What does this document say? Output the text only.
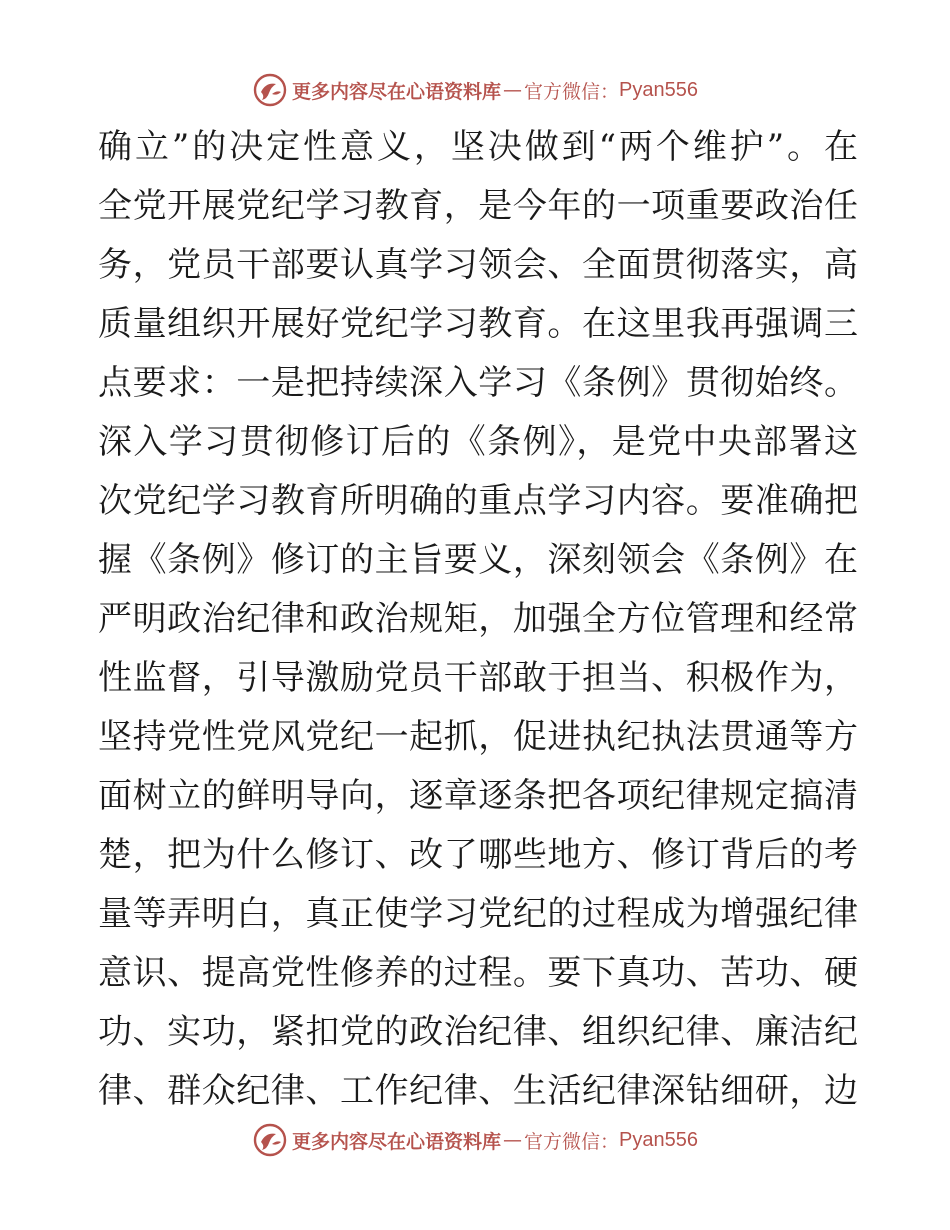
更多内容尽在心语资料库 — 官方微信： Pyan556
确立”的决定性意义，坚决做到“两个维护”。在
全党开展党纪学习教育，是今年的一项重要政治任
务，党员干部要认真学习领会、全面贯彻落实，高
质量组织开展好党纪学习教育。在这里我再强调三
点要求：一是把持续深入学习《条例》贯彻始终。
深入学习贯彻修订后的《条例》，是党中央部署这
次党纪学习教育所明确的重点学习内容。要准确把
握《条例》修订的主旨要义，深刻领会《条例》在
严明政治纪律和政治规矩，加强全方位管理和经常
性监督，引导激励党员干部敢于担当、积极作为，
坚持党性党风党纪一起抓，促进执纪执法贯通等方
面树立的鲜明导向，逐章逐条把各项纪律规定搞清
楚，把为什么修订、改了哪些地方、修订背后的考
量等弄明白，真正使学习党纪的过程成为增强纪律
意识、提高党性修养的过程。要下真功、苦功、硬
功、实功，紧扣党的政治纪律、组织纪律、廉洁纪
律、群众纪律、工作纪律、生活纪律深钻细研，边
更多内容尽在心语资料库 — 官方微信： Pyan556
